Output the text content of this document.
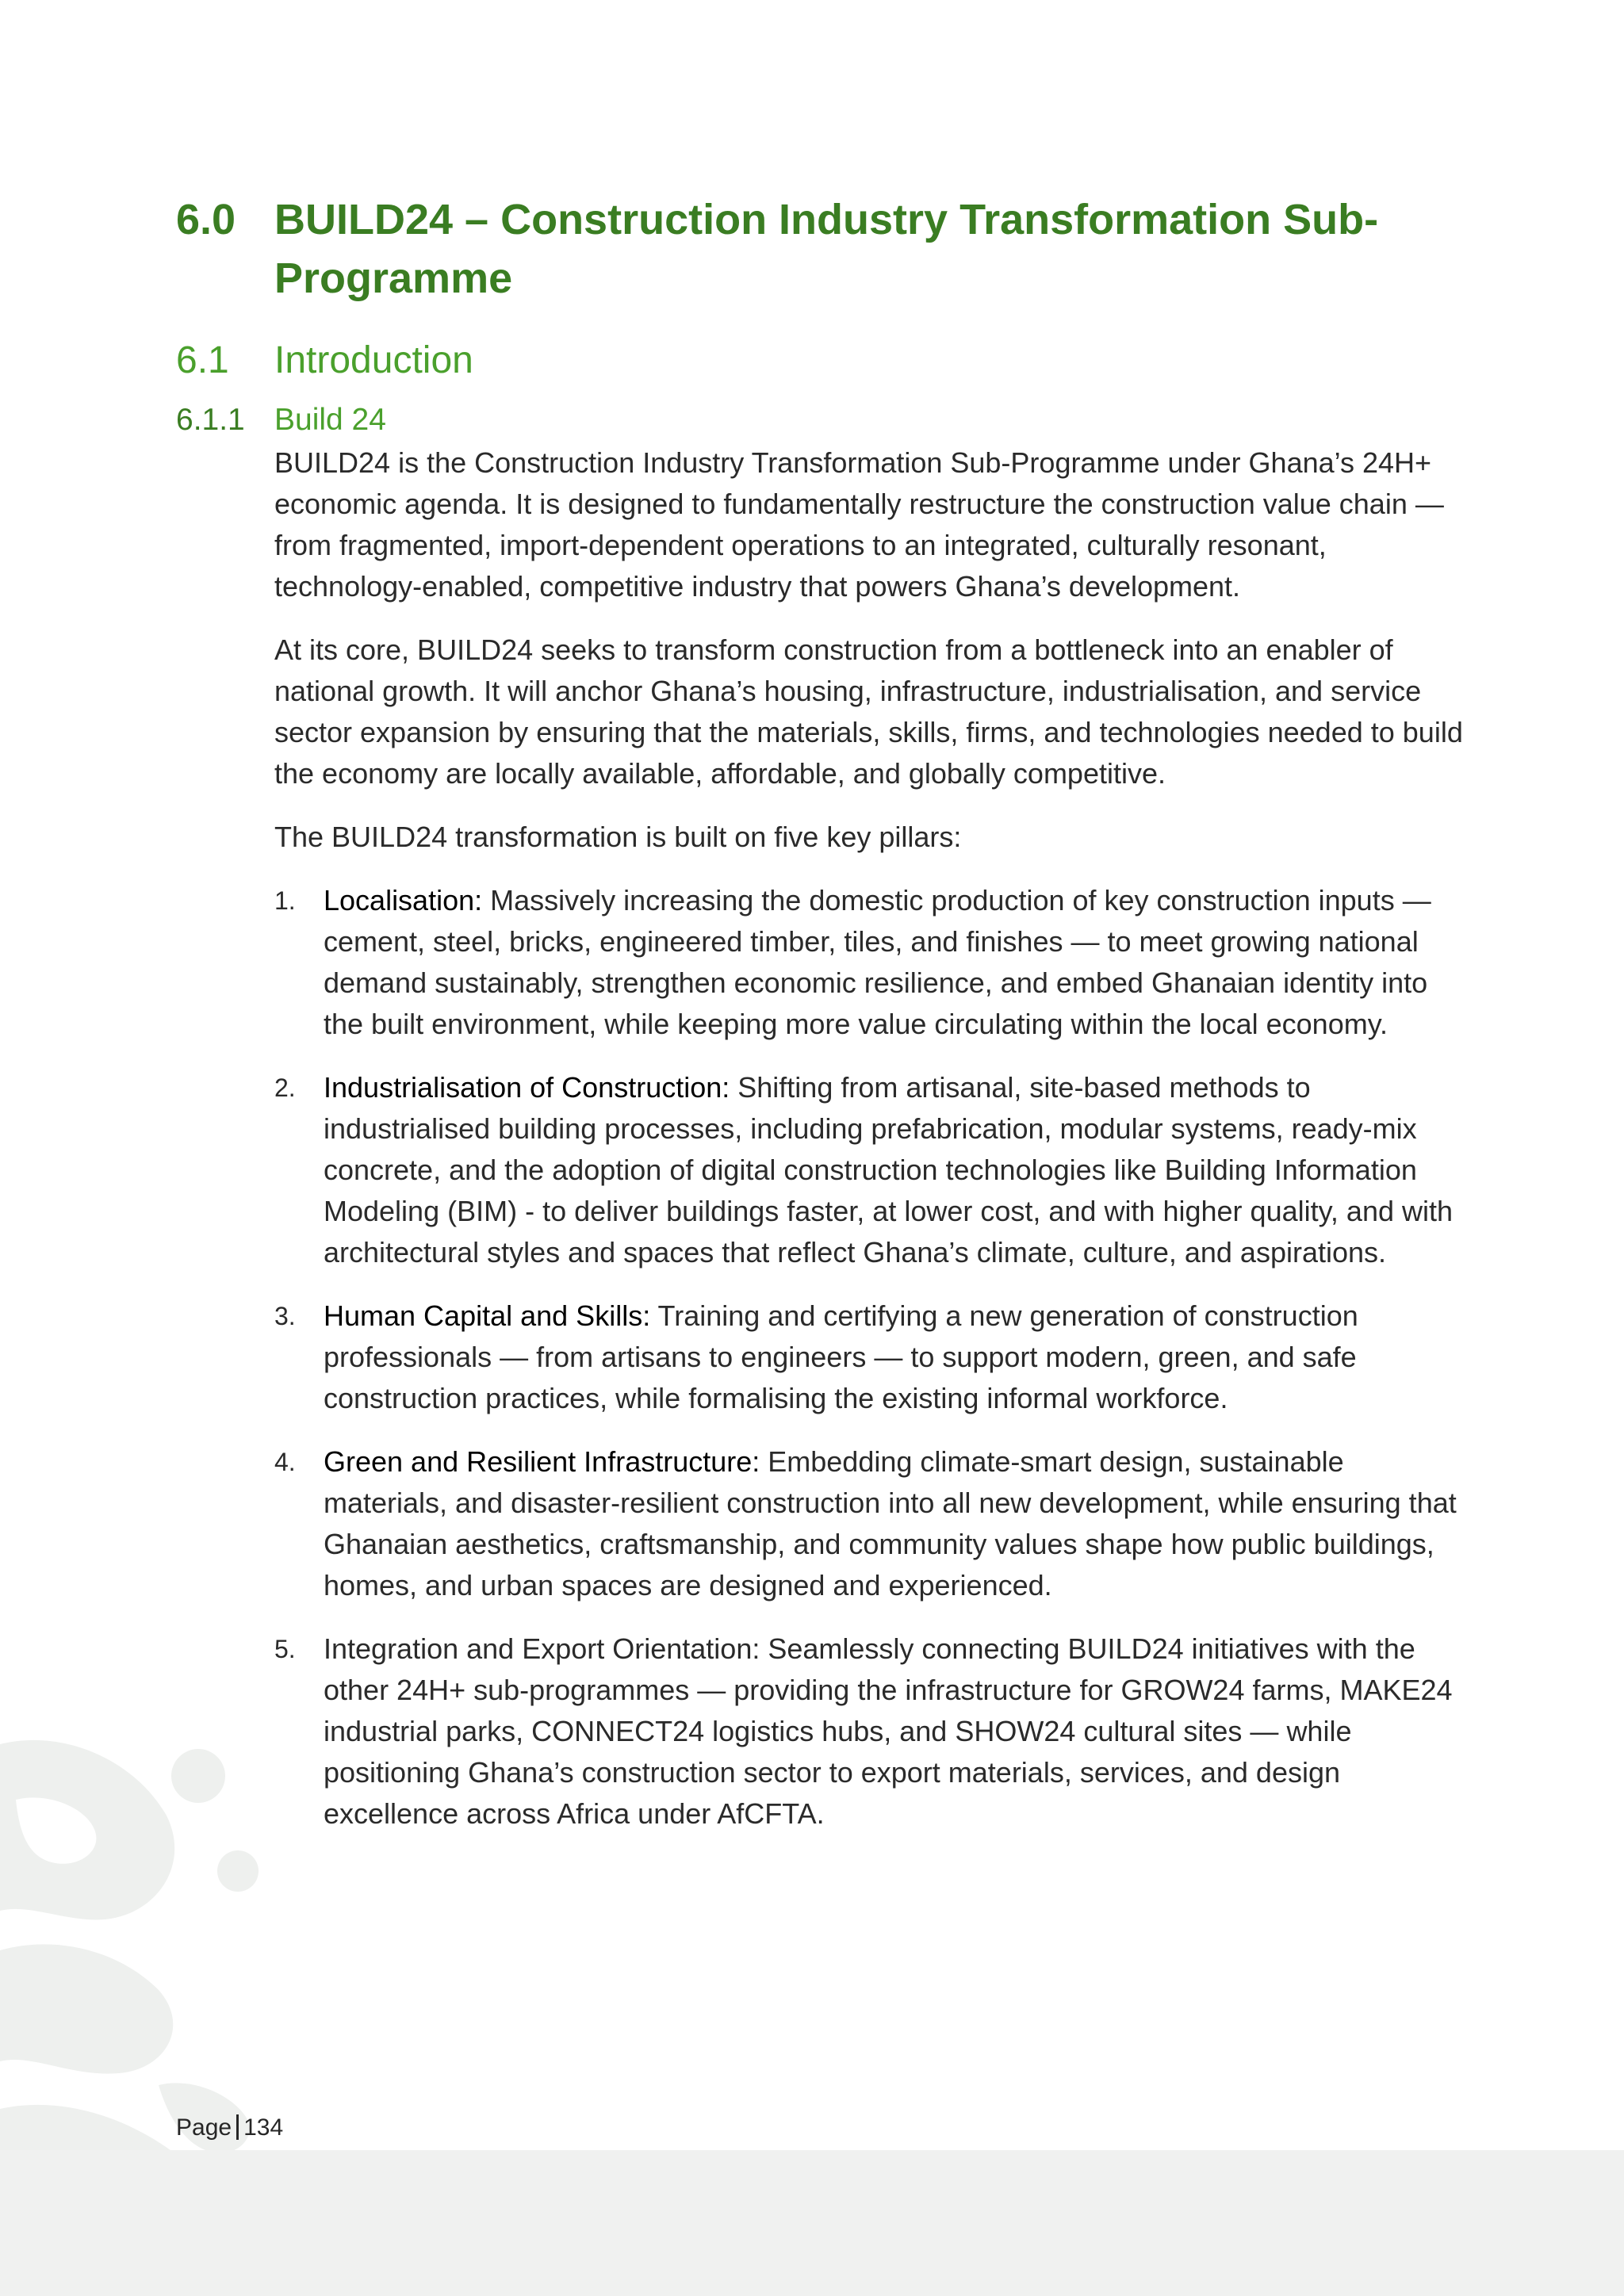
6.0 BUILD24 – Construction Industry Transformation Sub-Programme
6.1	Introduction
6.1.1 Build 24

BUILD24 is the Construction Industry Transformation Sub-Programme under Ghana’s 24H+ economic agenda. It is designed to fundamentally restructure the construction value chain — from fragmented, import-dependent operations to an integrated, culturally resonant, technology-enabled, competitive industry that powers Ghana’s development.

At its core, BUILD24 seeks to transform construction from a bottleneck into an enabler of national growth. It will anchor Ghana’s housing, infrastructure, industrialisation, and service sector expansion by ensuring that the materials, skills, firms, and technologies needed to build the economy are locally available, affordable, and globally competitive.

The BUILD24 transformation is built on five key pillars:

1. Localisation: Massively increasing the domestic production of key construction inputs — cement, steel, bricks, engineered timber, tiles, and finishes — to meet growing national demand sustainably, strengthen economic resilience, and embed Ghanaian identity into the built environment, while keeping more value circulating within the local economy.
2. Industrialisation of Construction: Shifting from artisanal, site-based methods to industrialised building processes, including prefabrication, modular systems, ready-mix concrete, and the adoption of digital construction technologies like Building Information Modeling (BIM) - to deliver buildings faster, at lower cost, and with higher quality, and with architectural styles and spaces that reflect Ghana’s climate, culture, and aspirations.
3. Human Capital and Skills: Training and certifying a new generation of construction professionals — from artisans to engineers — to support modern, green, and safe construction practices, while formalising the existing informal workforce.
4. Green and Resilient Infrastructure: Embedding climate-smart design, sustainable materials, and disaster-resilient construction into all new development, while ensuring that Ghanaian aesthetics, craftsmanship, and community values shape how public buildings, homes, and urban spaces are designed and experienced.
5. Integration and Export Orientation: Seamlessly connecting BUILD24 initiatives with the other 24H+ sub-programmes — providing the infrastructure for GROW24 farms, MAKE24 industrial parks, CONNECT24 logistics hubs, and SHOW24 cultural sites — while positioning Ghana’s construction sector to export materials, services, and design excellence across Africa under AfCFTA.
Page 134
